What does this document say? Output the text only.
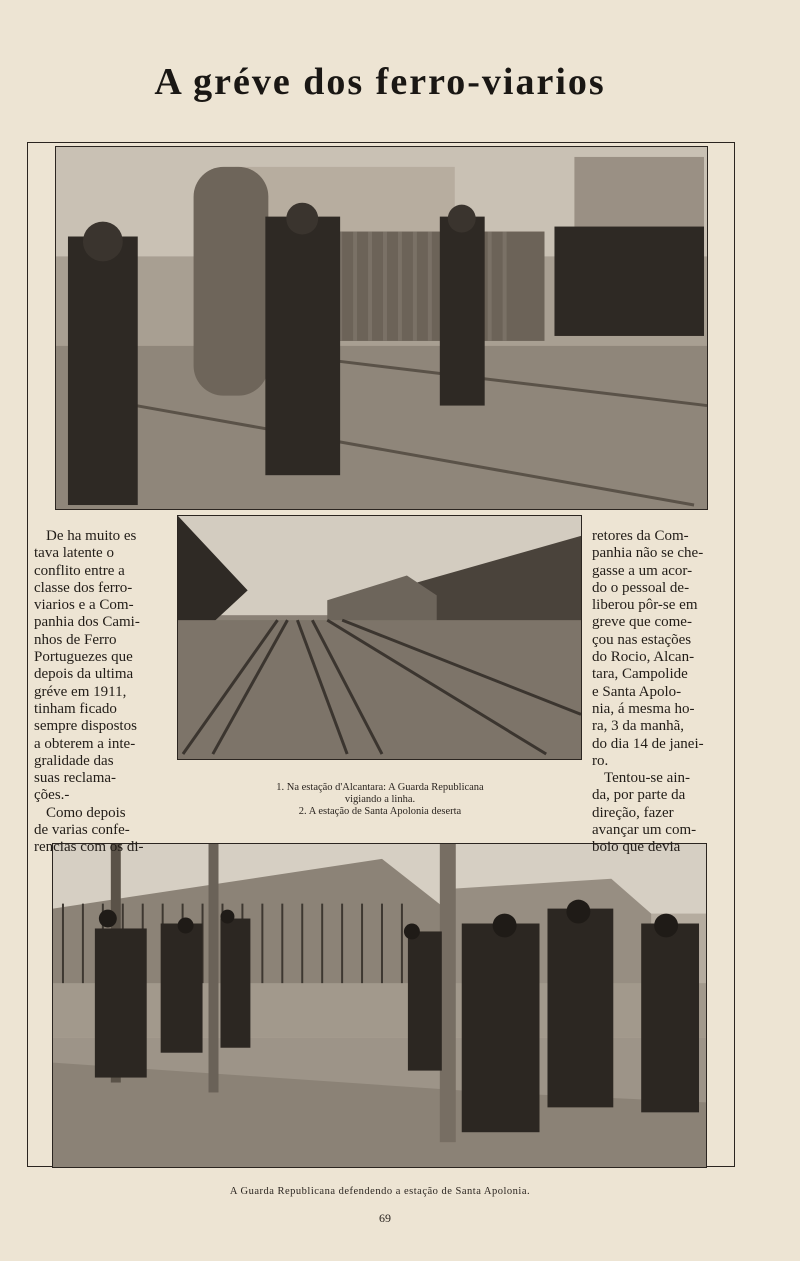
A gréve dos ferro-viarios

De ha muito es

tava latente o

conflito entre a

classe dos ferro-

viarios e a Com-

panhia dos Cami-

nhos de Ferro

Portuguezes que

depois da ultima

gréve em 1911,

tinham ficado

sempre dispostos

a obterem a inte-

gralidade das

suas reclama-

ções.-

Como depois

de varias confe-

rencias com os di-

retores da Com-

panhia não se che-

gasse a um acor-

do o pessoal de-

liberou pôr-se em

greve que come-

çou nas estações

do Rocio, Alcan-

tara, Campolide

e Santa Apolo-

nia, á mesma ho-

ra, 3 da manhã,

do dia 14 de janei-

ro.

Tentou-se ain-

da, por parte da

direção, fazer

avançar um com-

boio que devia

1. Na estação d'Alcantara: A Guarda Republicana
vigiando a linha.
2. A estação de Santa Apolonia deserta
A Guarda Republicana defendendo a estação de Santa Apolonia.
69
